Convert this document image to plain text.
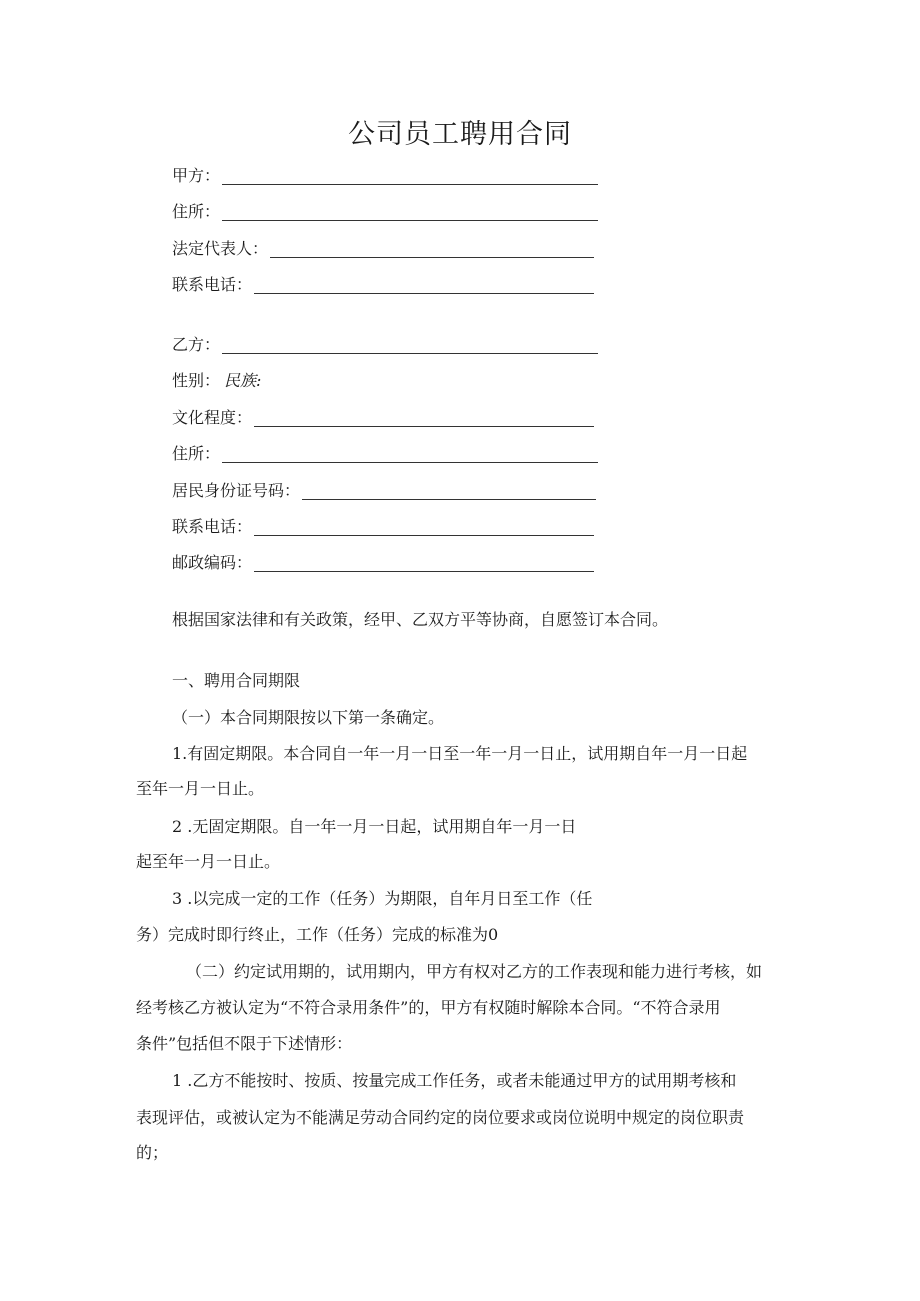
公司员工聘用合同
甲方：
住所：
法定代表人：
联系电话：
乙方：
性别： 民族:
文化程度：
住所：
居民身份证号码：
联系电话：
邮政编码：

根据国家法律和有关政策，经甲、乙双方平等协商，自愿签订本合同。

一、聘用合同期限

（一）本合同期限按以下第一条确定。

1.有固定期限。本合同自一年一月一日至一年一月一日止，试用期自年一月一日起

至年一月一日止。

2 .无固定期限。自一年一月一日起，试用期自年一月一日

起至年一月一日止。

3 .以完成一定的工作（任务）为期限，自年月日至工作（任

务）完成时即行终止，工作（任务）完成的标准为0

（二）约定试用期的，试用期内，甲方有权对乙方的工作表现和能力进行考核，如

经考核乙方被认定为“不符合录用条件”的，甲方有权随时解除本合同。“不符合录用

条件”包括但不限于下述情形：

1 .乙方不能按时、按质、按量完成工作任务，或者未能通过甲方的试用期考核和

表现评估，或被认定为不能满足劳动合同约定的岗位要求或岗位说明中规定的岗位职责

的；
